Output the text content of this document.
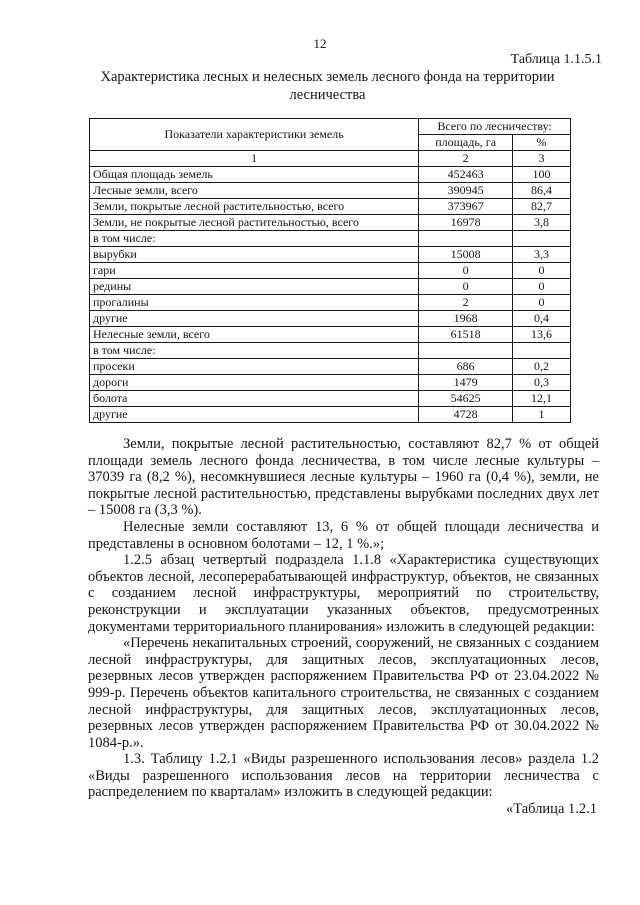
12
Таблица 1.1.5.1
Характеристика лесных и нелесных земель лесного фонда на территории лесничества
Показатели характеристики земель	Всего по лесничеству:	
	площадь, га	%
1	2	3
Общая площадь земель	452463	100
Лесные земли, всего	390945	86,4
Земли, покрытые лесной растительностью, всего	373967	82,7
Земли, не покрытые лесной растительностью, всего	16978	3,8
в том числе:		
вырубки	15008	3,3
гари	0	0
редины	0	0
прогалины	2	0
другие	1968	0,4
Нелесные земли, всего	61518	13,6
в том числе:		
просеки	686	0,2
дороги	1479	0,3
болота	54625	12,1
другие	4728	1

Земли, покрытые лесной растительностью, составляют 82,7 % от общей площади земель лесного фонда лесничества, в том числе лесные культуры – 37039 га (8,2 %), несомкнувшиеся лесные культуры – 1960 га (0,4 %), земли, не покрытые лесной растительностью, представлены вырубками последних двух лет – 15008 га (3,3 %).

Нелесные земли составляют 13, 6 % от общей площади лесничества и представлены в основном болотами – 12, 1 %.»;

1.2.5 абзац четвертый подраздела 1.1.8 «Характеристика существующих объектов лесной, лесоперерабатывающей инфраструктур, объектов, не связанных с созданием лесной инфраструктуры, мероприятий по строительству, реконструкции и эксплуатации указанных объектов, предусмотренных документами территориального планирования» изложить в следующей редакции:

«Перечень некапитальных строений, сооружений, не связанных с созданием лесной инфраструктуры, для защитных лесов, эксплуатационных лесов, резервных лесов утвержден распоряжением Правительства РФ от 23.04.2022 № 999-р. Перечень объектов капитального строительства, не связанных с созданием лесной инфраструктуры, для защитных лесов, эксплуатационных лесов, резервных лесов утвержден распоряжением Правительства РФ от 30.04.2022 № 1084-р.».

1.3. Таблицу 1.2.1 «Виды разрешенного использования лесов» раздела 1.2 «Виды разрешенного использования лесов на территории лесничества с распределением по кварталам» изложить в следующей редакции:

«Таблица 1.2.1
